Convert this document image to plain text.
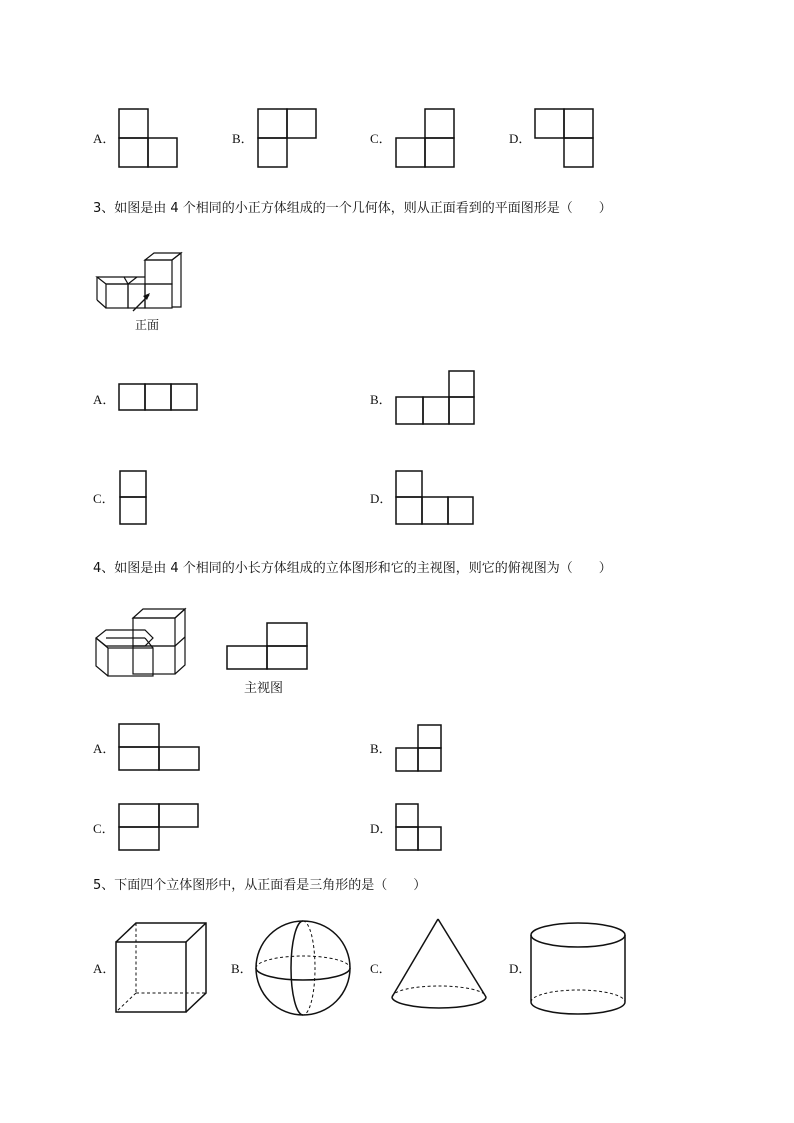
A．	B．	C．	D．
3、如图是由 4 个相同的小正方体组成的一个几何体，则从正面看到的平面图形是（　　）
正面
A．	B．
C．	D．
4、如图是由 4 个相同的小长方体组成的立体图形和它的主视图，则它的俯视图为（　　）
主视图
A．	B．
C．	D．
5、下面四个立体图形中，从正面看是三角形的是（　　）
A．	B．	C．	D．
